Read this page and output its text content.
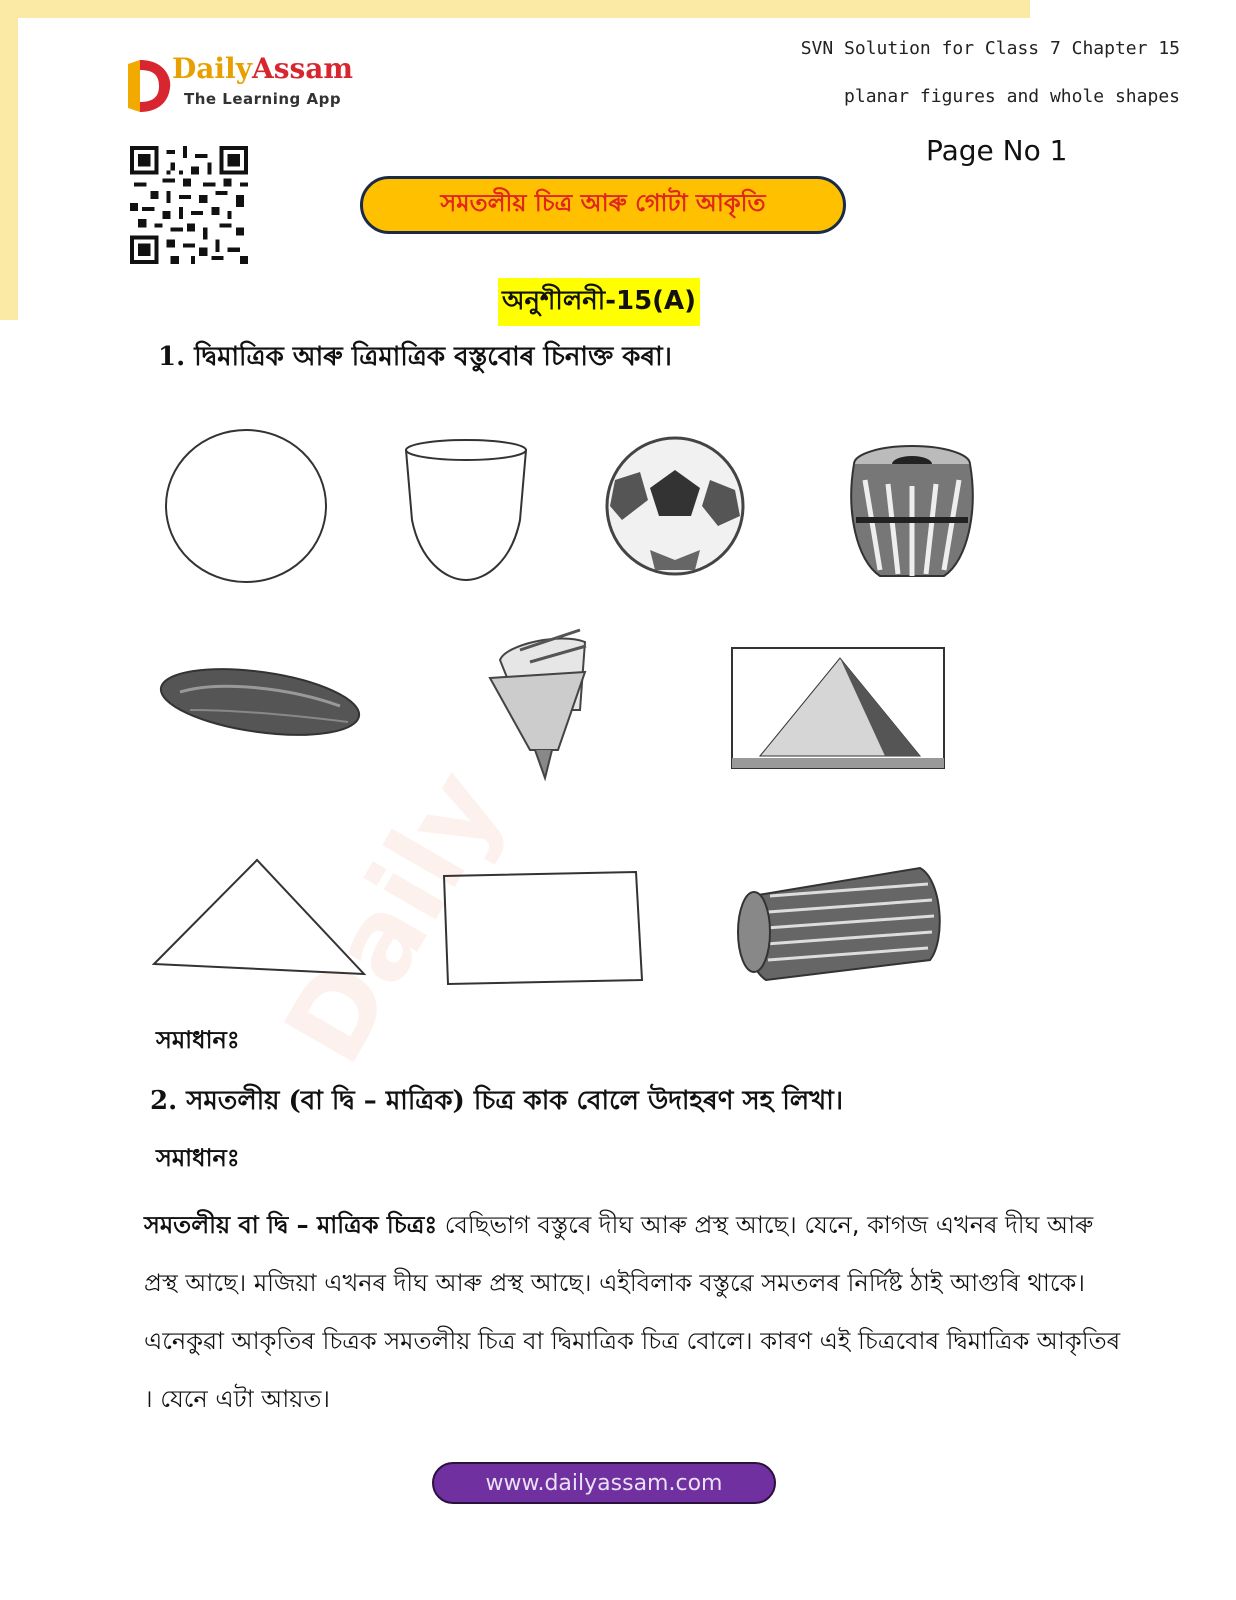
Daily
DailyAssam
The Learning App
SVN Solution for Class 7 Chapter 15
planar figures and whole shapes
Page No 1
সমতলীয় চিত্ৰ আৰু গোটা আকৃতি
অনুশীলনী-15(A)
1. দ্বিমাত্ৰিক আৰু ত্ৰিমাত্ৰিক বস্তুবোৰ চিনাক্ত কৰা।
সমাধানঃ
2. সমতলীয় (বা দ্বি – মাত্ৰিক) চিত্ৰ কাক বোলে উদাহৰণ সহ লিখা।
সমাধানঃ
সমতলীয় বা দ্বি – মাত্ৰিক চিত্ৰঃ বেছিভাগ বস্তুৰে দীঘ আৰু প্ৰস্থ আছে। যেনে, কাগজ এখনৰ দীঘ আৰু প্ৰস্থ আছে। মজিয়া এখনৰ দীঘ আৰু প্ৰস্থ আছে। এইবিলাক বস্তুৱে সমতলৰ নিৰ্দিষ্ট ঠাই আগুৰি থাকে। এনেকুৱা আকৃতিৰ চিত্ৰক সমতলীয় চিত্ৰ বা দ্বিমাত্ৰিক চিত্ৰ বোলে। কাৰণ এই চিত্ৰবোৰ দ্বিমাত্ৰিক আকৃতিৰ । যেনে এটা আয়ত।
www.dailyassam.com
